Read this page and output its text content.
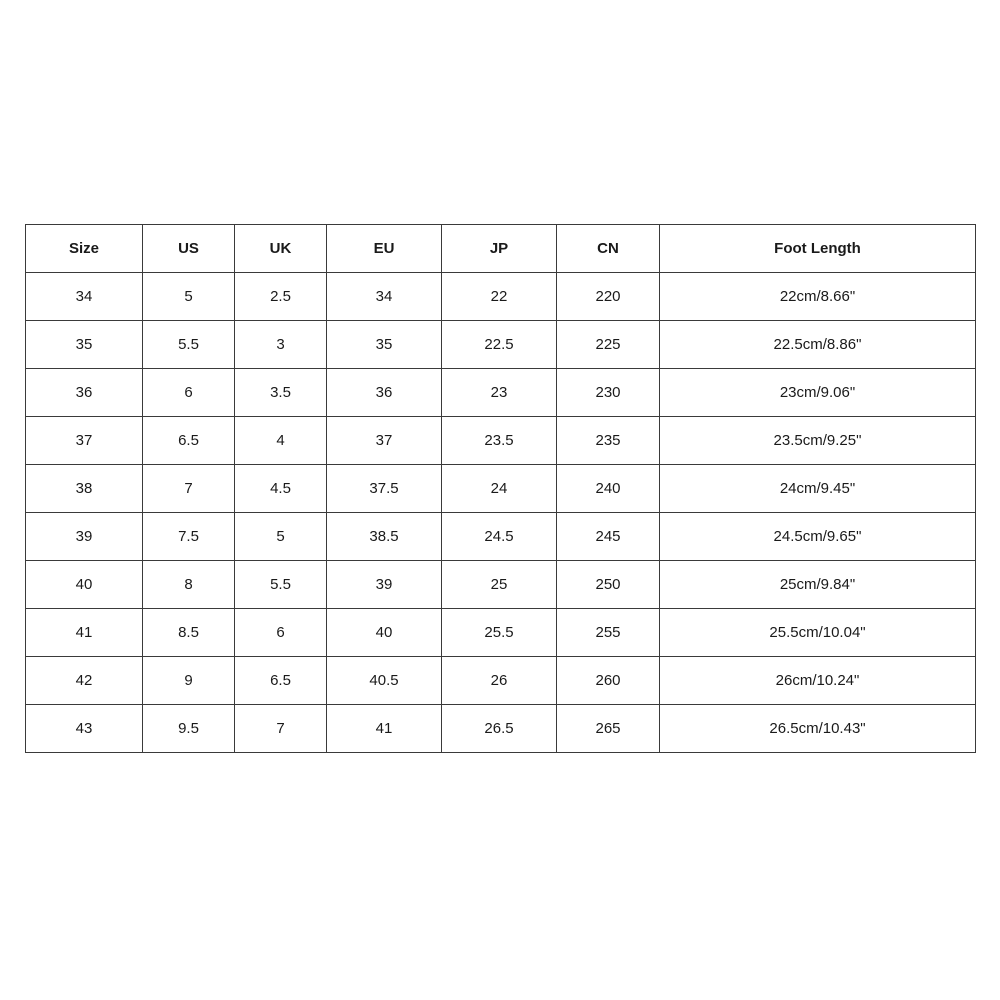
Size	US	UK	EU	JP	CN	Foot Length
34	5	2.5	34	22	220	22cm/8.66"
35	5.5	3	35	22.5	225	22.5cm/8.86"
36	6	3.5	36	23	230	23cm/9.06"
37	6.5	4	37	23.5	235	23.5cm/9.25"
38	7	4.5	37.5	24	240	24cm/9.45"
39	7.5	5	38.5	24.5	245	24.5cm/9.65"
40	8	5.5	39	25	250	25cm/9.84"
41	8.5	6	40	25.5	255	25.5cm/10.04"
42	9	6.5	40.5	26	260	26cm/10.24"
43	9.5	7	41	26.5	265	26.5cm/10.43"
